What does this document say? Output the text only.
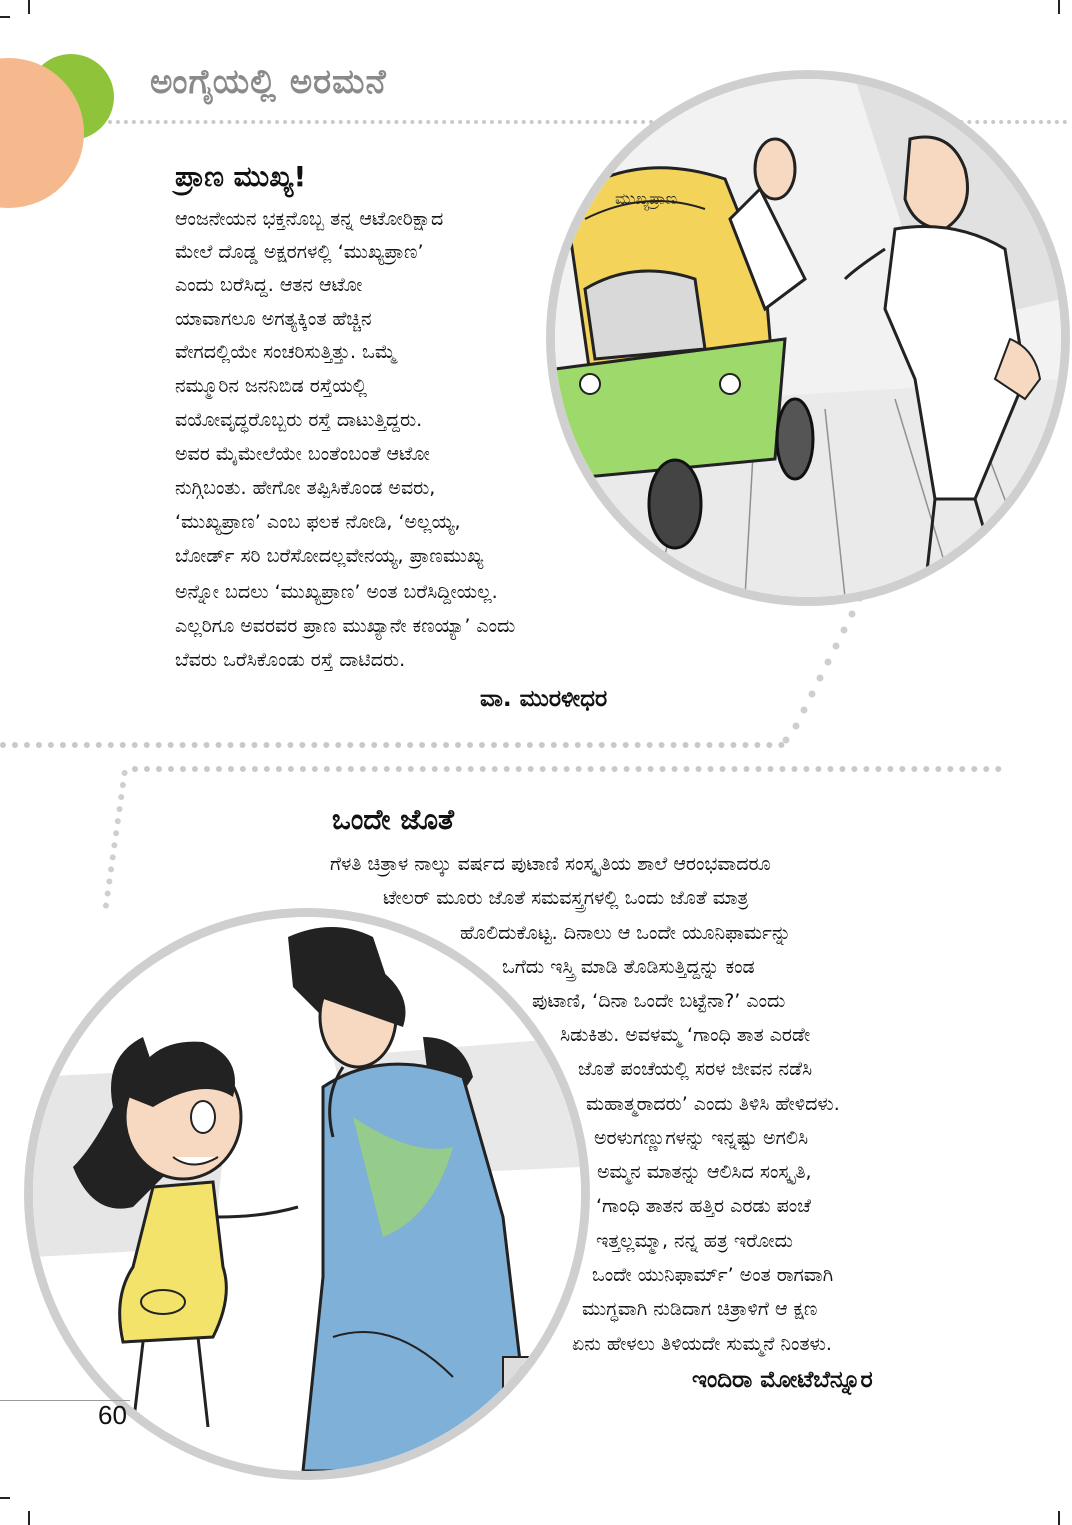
ಅಂಗೈಯಲ್ಲಿ ಅರಮನೆ
ಮುಖ್ಯಪ್ರಾಣ
ಪ್ರಾಣ ಮುಖ್ಯ!
ಆಂಜನೇಯನ ಭಕ್ತನೊಬ್ಬ ತನ್ನ ಆಟೋರಿಕ್ಷಾದ
ಮೇಲೆ ದೊಡ್ಡ ಅಕ್ಷರಗಳಲ್ಲಿ ‘ಮುಖ್ಯಪ್ರಾಣ’
ಎಂದು ಬರೆಸಿದ್ದ. ಆತನ ಆಟೋ
ಯಾವಾಗಲೂ ಅಗತ್ಯಕ್ಕಿಂತ ಹೆಚ್ಚಿನ
ವೇಗದಲ್ಲಿಯೇ ಸಂಚರಿಸುತ್ತಿತ್ತು. ಒಮ್ಮೆ
ನಮ್ಮೂರಿನ ಜನನಿಬಿಡ ರಸ್ತೆಯಲ್ಲಿ
ವಯೋವೃದ್ಧರೊಬ್ಬರು ರಸ್ತೆ ದಾಟುತ್ತಿದ್ದರು.
ಅವರ ಮೈಮೇಲೆಯೇ ಬಂತೆಂಬಂತೆ ಆಟೋ
ನುಗ್ಗಿಬಂತು. ಹೇಗೋ ತಪ್ಪಿಸಿಕೊಂಡ ಅವರು,
‘ಮುಖ್ಯಪ್ರಾಣ’ ಎಂಬ ಫಲಕ ನೋಡಿ, ‘ಅಲ್ಲಯ್ಯ,
ಬೋರ್ಡ್ ಸರಿ ಬರೆಸೋದಲ್ಲವೇನಯ್ಯ, ಪ್ರಾಣಮುಖ್ಯ
ಅನ್ನೋ ಬದಲು ‘ಮುಖ್ಯಪ್ರಾಣ’ ಅಂತ ಬರೆಸಿದ್ದೀಯಲ್ಲ.
ಎಲ್ಲರಿಗೂ ಅವರವರ ಪ್ರಾಣ ಮುಖ್ಯಾನೇ ಕಣಯ್ಯಾ’ ಎಂದು
ಬೆವರು ಒರೆಸಿಕೊಂಡು ರಸ್ತೆ ದಾಟಿದರು.
ವಾ. ಮುರಳೀಧರ
ಒಂದೇ ಜೊತೆ
ಗೆಳತಿ ಚಿತ್ರಾಳ ನಾಲ್ಕು ವರ್ಷದ ಪುಟಾಣಿ ಸಂಸ್ಕೃತಿಯ ಶಾಲೆ ಆರಂಭವಾದರೂ
ಟೇಲರ್ ಮೂರು ಜೊತೆ ಸಮವಸ್ತ್ರಗಳಲ್ಲಿ ಒಂದು ಜೊತೆ ಮಾತ್ರ
ಹೊಲಿದುಕೊಟ್ಟ. ದಿನಾಲು ಆ ಒಂದೇ ಯೂನಿಫಾರ್ಮನ್ನು
ಒಗೆದು ಇಸ್ತ್ರಿ ಮಾಡಿ ತೊಡಿಸುತ್ತಿದ್ದನ್ನು ಕಂಡ
ಪುಟಾಣಿ, ‘ದಿನಾ ಒಂದೇ ಬಟ್ಟೆನಾ?’ ಎಂದು
ಸಿಡುಕಿತು. ಅವಳಮ್ಮ ‘ಗಾಂಧಿ ತಾತ ಎರಡೇ
ಜೊತೆ ಪಂಚೆಯಲ್ಲಿ ಸರಳ ಜೀವನ ನಡೆಸಿ
ಮಹಾತ್ಮರಾದರು’ ಎಂದು ತಿಳಿಸಿ ಹೇಳಿದಳು.
ಅರಳುಗಣ್ಣುಗಳನ್ನು ಇನ್ನಷ್ಟು ಅಗಲಿಸಿ
ಅಮ್ಮನ ಮಾತನ್ನು ಆಲಿಸಿದ ಸಂಸ್ಕೃತಿ,
‘ಗಾಂಧಿ ತಾತನ ಹತ್ತಿರ ಎರಡು ಪಂಚೆ
ಇತ್ತಲ್ಲಮ್ಮಾ, ನನ್ನ ಹತ್ರ ಇರೋದು
ಒಂದೇ ಯುನಿಫಾರ್ಮ್’ ಅಂತ ರಾಗವಾಗಿ
ಮುಗ್ಧವಾಗಿ ನುಡಿದಾಗ ಚಿತ್ರಾಳಿಗೆ ಆ ಕ್ಷಣ
ಏನು ಹೇಳಲು ತಿಳಿಯದೇ ಸುಮ್ಮನೆ ನಿಂತಳು.
ಇಂದಿರಾ ಮೋಟೆಬೆನ್ನೂರ
60
